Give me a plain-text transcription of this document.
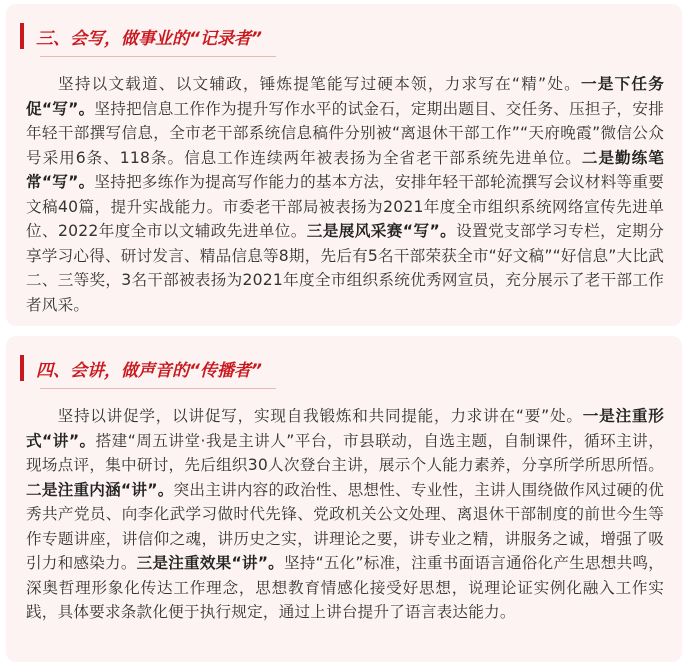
三、会写，做事业的“记录者”

坚持以文载道、以文辅政，锤炼提笔能写过硬本领，力求写在“精”处。一是下任务促“写”。坚持把信息工作作为提升写作水平的试金石，定期出题目、交任务、压担子，安排年轻干部撰写信息，全市老干部系统信息稿件分别被“离退休干部工作”“天府晚霞”微信公众号采用6条、118条。信息工作连续两年被表扬为全省老干部系统先进单位。二是勤练笔常“写”。坚持把多练作为提高写作能力的基本方法，安排年轻干部轮流撰写会议材料等重要文稿40篇，提升实战能力。市委老干部局被表扬为2021年度全市组织系统网络宣传先进单位、2022年度全市以文辅政先进单位。三是展风采赛“写”。设置党支部学习专栏，定期分享学习心得、研讨发言、精品信息等8期，先后有5名干部荣获全市“好文稿”“好信息”大比武二、三等奖，3名干部被表扬为2021年度全市组织系统优秀网宣员，充分展示了老干部工作者风采。

四、会讲，做声音的“传播者”

坚持以讲促学，以讲促写，实现自我锻炼和共同提能，力求讲在“要”处。一是注重形式“讲”。搭建“周五讲堂·我是主讲人”平台，市县联动，自选主题，自制课件，循环主讲，现场点评，集中研讨，先后组织30人次登台主讲，展示个人能力素养，分享所学所思所悟。二是注重内涵“讲”。突出主讲内容的政治性、思想性、专业性，主讲人围绕做作风过硬的优秀共产党员、向李化武学习做时代先锋、党政机关公文处理、离退休干部制度的前世今生等作专题讲座，讲信仰之魂，讲历史之实，讲理论之要，讲专业之精，讲服务之诚，增强了吸引力和感染力。三是注重效果“讲”。坚持“五化”标准，注重书面语言通俗化产生思想共鸣，深奥哲理形象化传达工作理念，思想教育情感化接受好思想，说理论证实例化融入工作实践，具体要求条款化便于执行规定，通过上讲台提升了语言表达能力。
